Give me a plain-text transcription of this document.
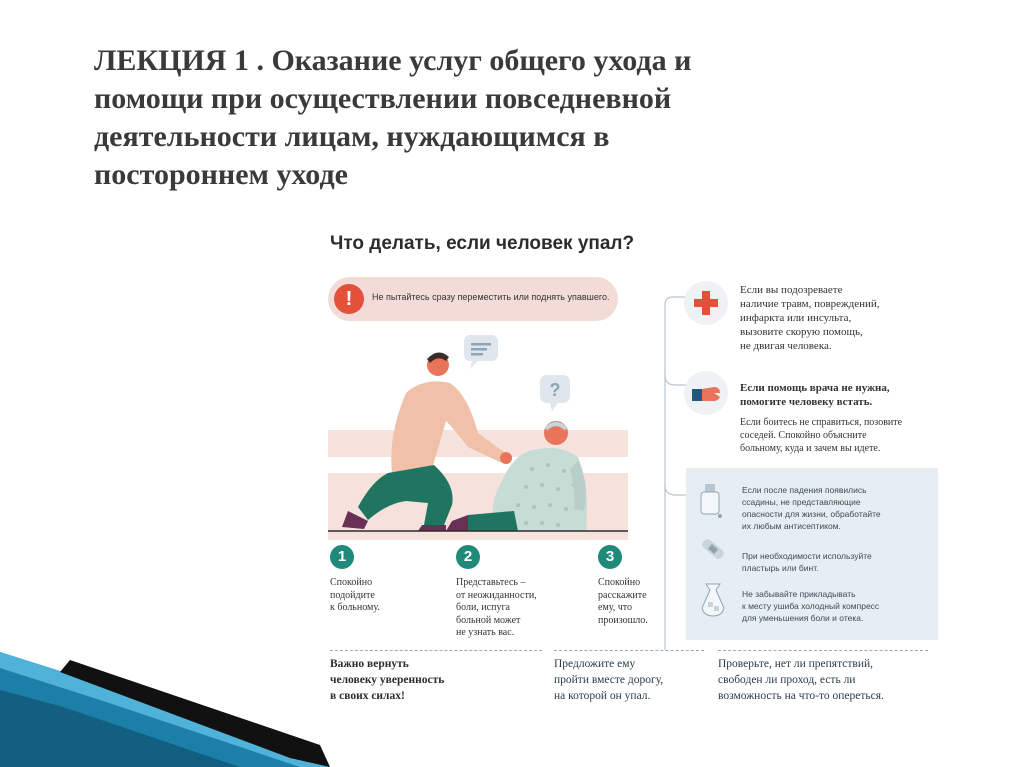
ЛЕКЦИЯ 1 . Оказание услуг общего ухода и
помощи при осуществлении повседневной
деятельности лицам, нуждающимся в
постороннем уходе
Что делать, если человек упал?
!	Не пытайтесь сразу переместить или поднять упавшего.
?
Если вы подозреваете
наличие травм, повреждений,
инфаркта или инсульта,
вызовите скорую помощь,
не двигая человека.
Если помощь врача не нужна,
помогите человеку встать.
Если боитесь не справиться, позовите
соседей. Спокойно объясните
больному, куда и зачем вы идете.
Если после падения появились
ссадины, не представляющие
опасности для жизни, обработайте
их любым антисептиком.
При необходимости используйте
пластырь или бинт.
Не забывайте прикладывать
к месту ушиба холодный компресс
для уменьшения боли и отека.
1
Спокойно
подойдите
к больному.
2
Представьтесь –
от неожиданности,
боли, испуга
больной может
не узнать вас.
3
Спокойно
расскажите
ему, что
произошло.
Важно вернуть
человеку уверенность
в своих силах!
Предложите ему
пройти вместе дорогу,
на которой он упал.
Проверьте, нет ли препятствий,
свободен ли проход, есть ли
возможность на что-то опереться.
